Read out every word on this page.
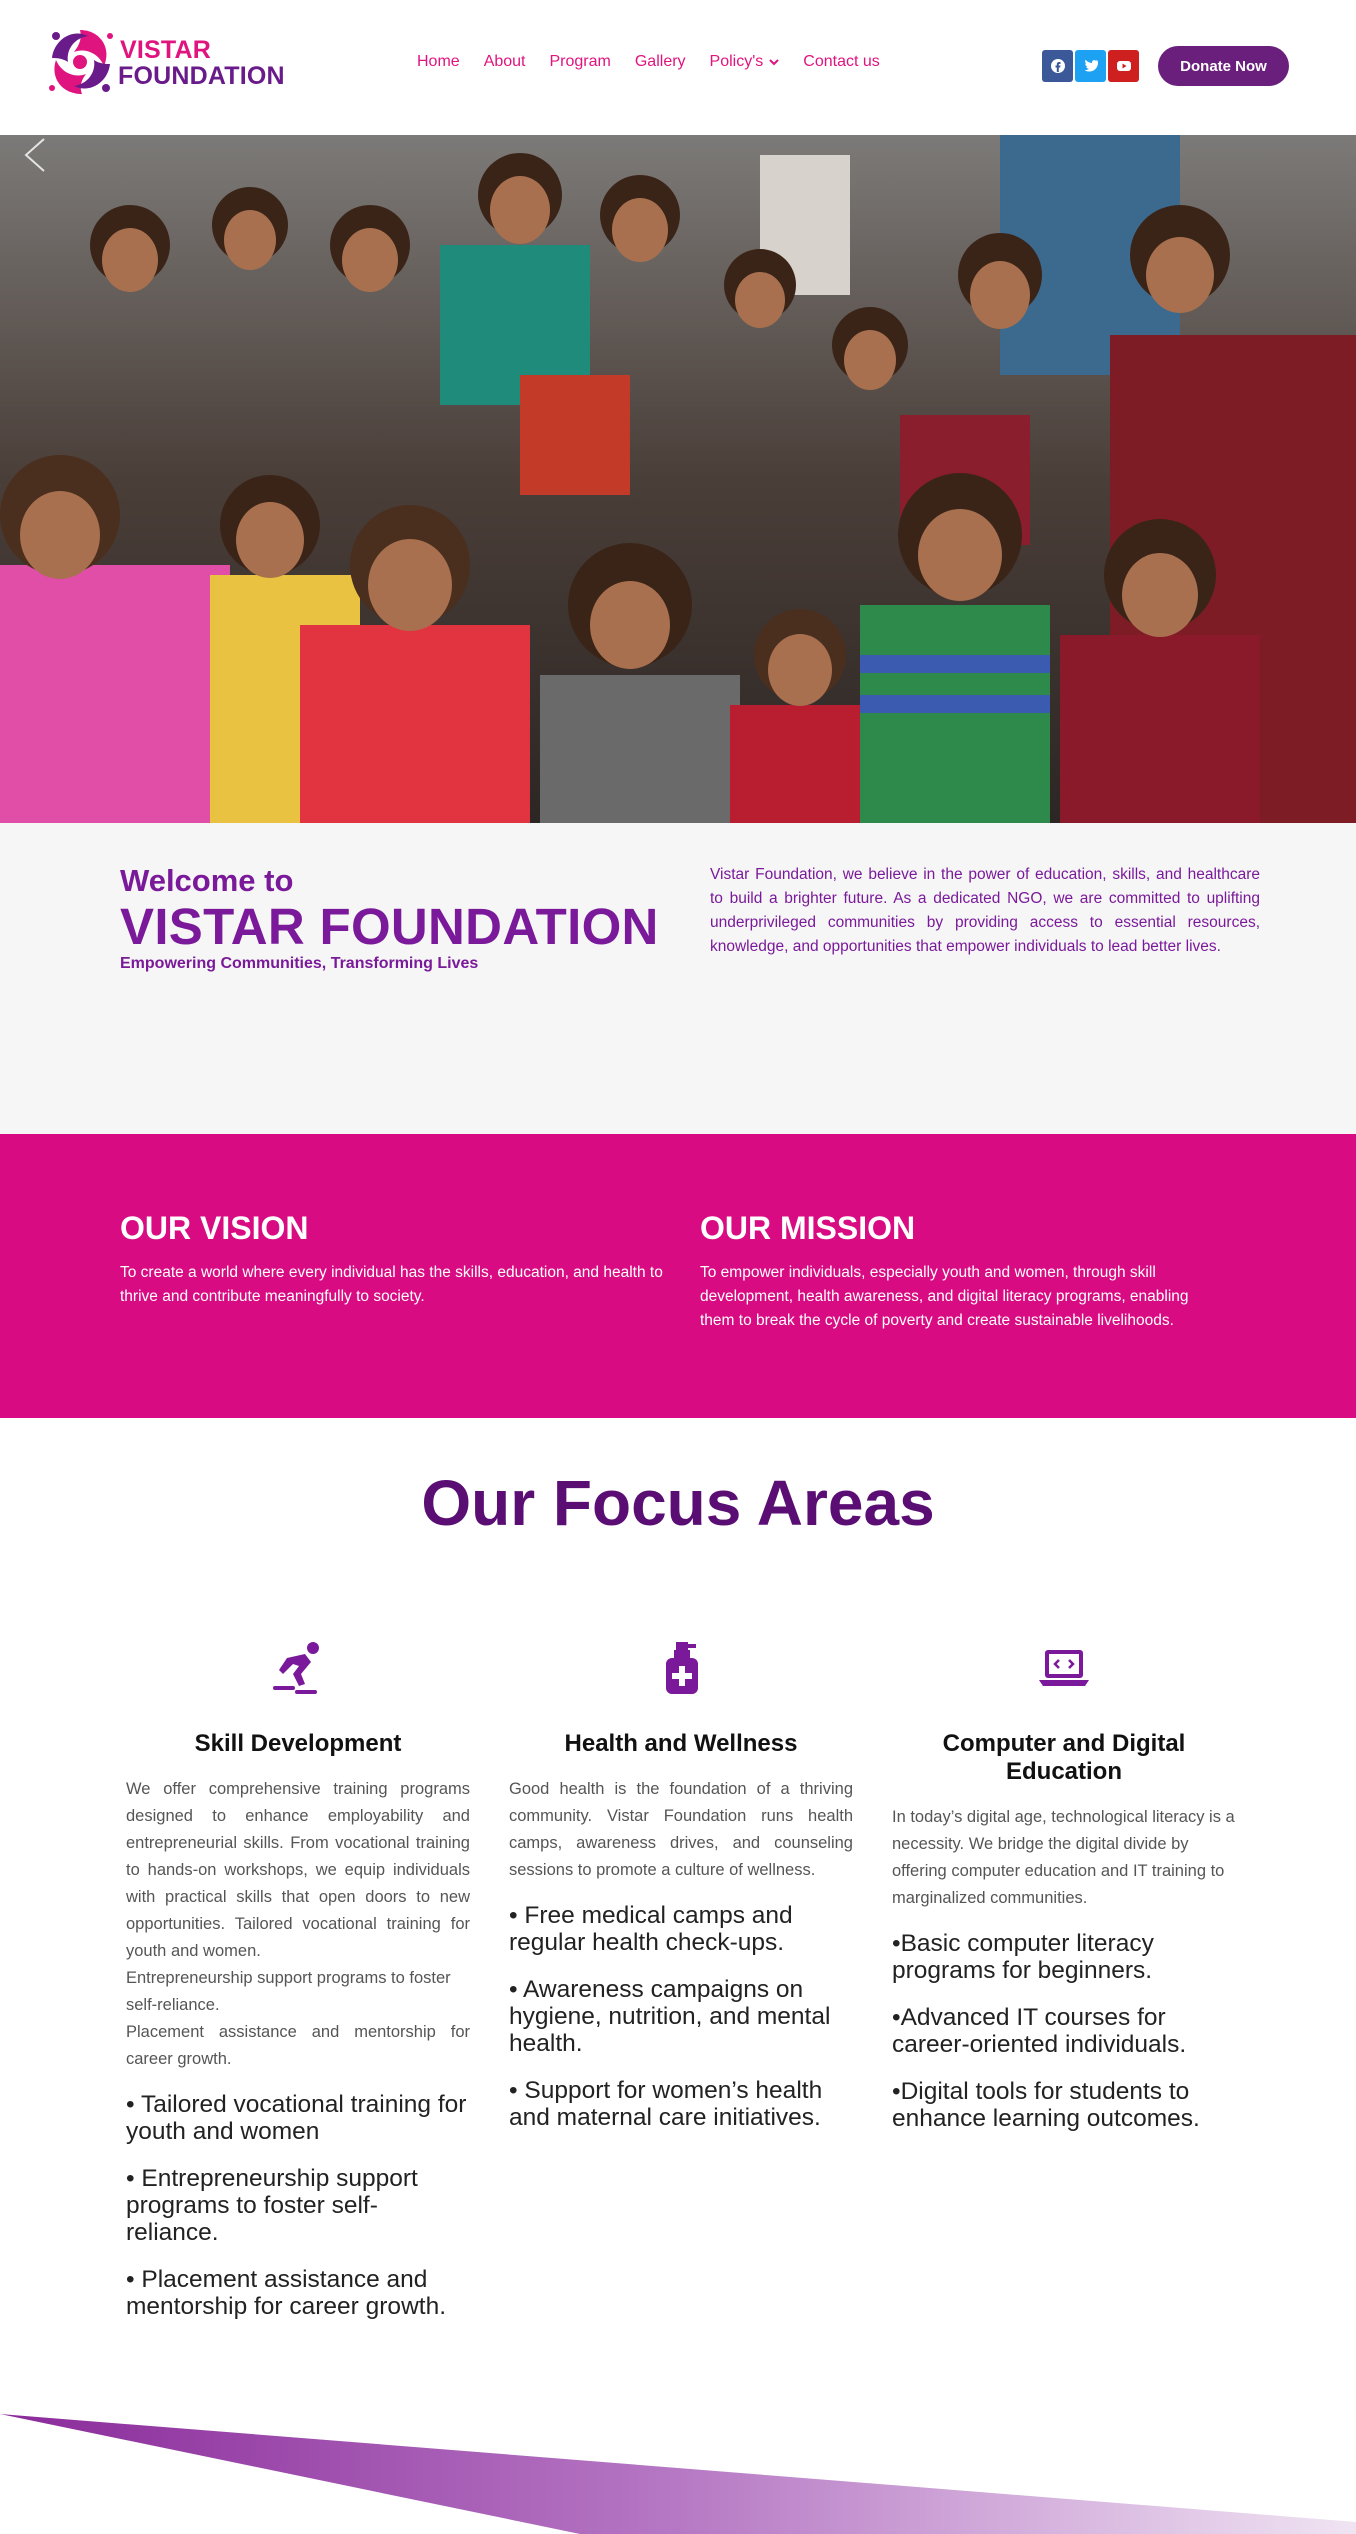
VISTAR
FOUNDATION
Home About Program Gallery Policy's	Contact us	Donate Now
Welcome to
VISTAR FOUNDATION
Empowering Communities, Transforming Lives

Vistar Foundation, we believe in the power of education, skills, and healthcare to build a brighter future. As a dedicated NGO, we are committed to uplifting underprivileged communities by providing access to essential resources, knowledge, and opportunities that empower individuals to lead better lives.

OUR VISION

To create a world where every individual has the skills, education, and health to thrive and contribute meaningfully to society.

OUR MISSION

To empower individuals, especially youth and women, through skill development, health awareness, and digital literacy programs, enabling them to break the cycle of poverty and create sustainable livelihoods.

Our Focus Areas
Skill Development

We offer comprehensive training programs designed to enhance employability and entrepreneurial skills. From vocational training to hands-on workshops, we equip individuals with practical skills that open doors to new opportunities. Tailored vocational training for youth and women.

Entrepreneurship support programs to foster self-reliance.
Placement assistance and mentorship for career growth.

• Tailored vocational training for youth and women

• Entrepreneurship support programs to foster self-reliance.

• Placement assistance and mentorship for career growth.

Health and Wellness

Good health is the foundation of a thriving community. Vistar Foundation runs health camps, awareness drives, and counseling sessions to promote a culture of wellness.

• Free medical camps and regular health check-ups.

• Awareness campaigns on hygiene, nutrition, and mental health.

• Support for women’s health and maternal care initiatives.

Computer and Digital Education

In today’s digital age, technological literacy is a necessity. We bridge the digital divide by offering computer education and IT training to marginalized communities.

•Basic computer literacy programs for beginners.

•Advanced IT courses for career-oriented individuals.

•Digital tools for students to enhance learning outcomes.
